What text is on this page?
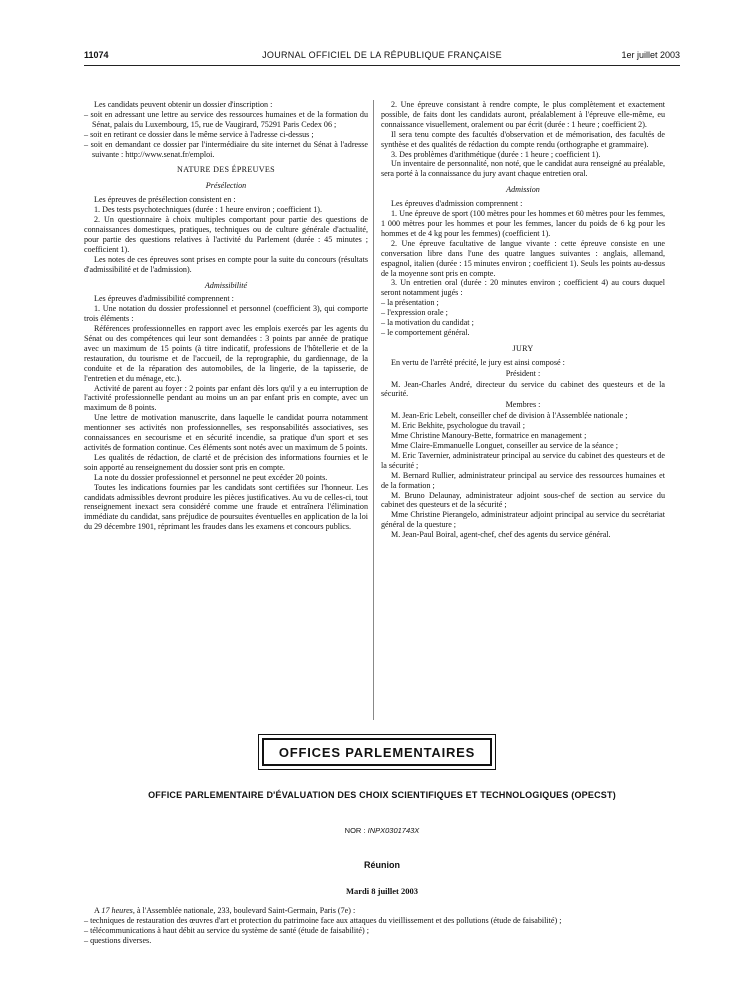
11074	JOURNAL OFFICIEL DE LA RÉPUBLIQUE FRANÇAISE	1er juillet 2003

Les candidats peuvent obtenir un dossier d'inscription :

– soit en adressant une lettre au service des ressources humaines et de la formation du Sénat, palais du Luxembourg, 15, rue de Vaugirard, 75291 Paris Cedex 06 ;

– soit en retirant ce dossier dans le même service à l'adresse ci-dessus ;

– soit en demandant ce dossier par l'intermédiaire du site internet du Sénat à l'adresse suivante : http://www.senat.fr/emploi.

NATURE DES ÉPREUVES

Présélection

Les épreuves de présélection consistent en :

1. Des tests psychotechniques (durée : 1 heure environ ; coefficient 1).

2. Un questionnaire à choix multiples comportant pour partie des questions de connaissances domestiques, pratiques, techniques ou de culture générale d'actualité, pour partie des questions relatives à l'activité du Parlement (durée : 45 minutes ; coefficient 1).

Les notes de ces épreuves sont prises en compte pour la suite du concours (résultats d'admissibilité et de l'admission).

Admissibilité

Les épreuves d'admissibilité comprennent :

1. Une notation du dossier professionnel et personnel (coefficient 3), qui comporte trois éléments :

Références professionnelles en rapport avec les emplois exercés par les agents du Sénat ou des compétences qui leur sont demandées : 3 points par année de pratique avec un maximum de 15 points (à titre indicatif, professions de l'hôtellerie et de la restauration, du tourisme et de l'accueil, de la reprographie, du gardiennage, de la conduite et de la réparation des automobiles, de la lingerie, de la tapisserie, de l'entretien et du ménage, etc.).

Activité de parent au foyer : 2 points par enfant dès lors qu'il y a eu interruption de l'activité professionnelle pendant au moins un an par enfant pris en compte, avec un maximum de 8 points.

Une lettre de motivation manuscrite, dans laquelle le candidat pourra notamment mentionner ses activités non professionnelles, ses responsabilités associatives, ses connaissances en secourisme et en sécurité incendie, sa pratique d'un sport et ses activités de formation continue. Ces éléments sont notés avec un maximum de 5 points.

Les qualités de rédaction, de clarté et de précision des informations fournies et le soin apporté au renseignement du dossier sont pris en compte.

La note du dossier professionnel et personnel ne peut excéder 20 points.

Toutes les indications fournies par les candidats sont certifiées sur l'honneur. Les candidats admissibles devront produire les pièces justificatives. Au vu de celles-ci, tout renseignement inexact sera considéré comme une fraude et entraînera l'élimination immédiate du candidat, sans préjudice de poursuites éventuelles en application de la loi du 29 décembre 1901, réprimant les fraudes dans les examens et concours publics.

2. Une épreuve consistant à rendre compte, le plus complètement et exactement possible, de faits dont les candidats auront, préalablement à l'épreuve elle-même, eu connaissance visuellement, oralement ou par écrit (durée : 1 heure ; coefficient 2).

Il sera tenu compte des facultés d'observation et de mémorisation, des facultés de synthèse et des qualités de rédaction du compte rendu (orthographe et grammaire).

3. Des problèmes d'arithmétique (durée : 1 heure ; coefficient 1).

Un inventaire de personnalité, non noté, que le candidat aura renseigné au préalable, sera porté à la connaissance du jury avant chaque entretien oral.

Admission

Les épreuves d'admission comprennent :

1. Une épreuve de sport (100 mètres pour les hommes et 60 mètres pour les femmes, 1 000 mètres pour les hommes et pour les femmes, lancer du poids de 6 kg pour les hommes et de 4 kg pour les femmes) (coefficient 1).

2. Une épreuve facultative de langue vivante : cette épreuve consiste en une conversation libre dans l'une des quatre langues suivantes : anglais, allemand, espagnol, italien (durée : 15 minutes environ ; coefficient 1). Seuls les points au-dessus de la moyenne sont pris en compte.

3. Un entretien oral (durée : 20 minutes environ ; coefficient 4) au cours duquel seront notamment jugés :

– la présentation ;

– l'expression orale ;

– la motivation du candidat ;

– le comportement général.

JURY

En vertu de l'arrêté précité, le jury est ainsi composé :

Président :

M. Jean-Charles André, directeur du service du cabinet des questeurs et de la sécurité.

Membres :

M. Jean-Eric Lebelt, conseiller chef de division à l'Assemblée nationale ;

M. Eric Bekhite, psychologue du travail ;

Mme Christine Manoury-Bette, formatrice en management ;

Mme Claire-Emmanuelle Longuet, conseiller au service de la séance ;

M. Eric Tavernier, administrateur principal au service du cabinet des questeurs et de la sécurité ;

M. Bernard Rullier, administrateur principal au service des ressources humaines et de la formation ;

M. Bruno Delaunay, administrateur adjoint sous-chef de section au service du cabinet des questeurs et de la sécurité ;

Mme Christine Pierangelo, administrateur adjoint principal au service du secrétariat général de la questure ;

M. Jean-Paul Boiral, agent-chef, chef des agents du service général.

OFFICES PARLEMENTAIRES
OFFICE PARLEMENTAIRE D'ÉVALUATION DES CHOIX SCIENTIFIQUES ET TECHNOLOGIQUES (OPECST)
NOR : INPX0301743X
Réunion
Mardi 8 juillet 2003

A 17 heures, à l'Assemblée nationale, 233, boulevard Saint-Germain, Paris (7e) :

– techniques de restauration des œuvres d'art et protection du patrimoine face aux attaques du vieillissement et des pollutions (étude de faisabilité) ;

– télécommunications à haut débit au service du système de santé (étude de faisabilité) ;

– questions diverses.
